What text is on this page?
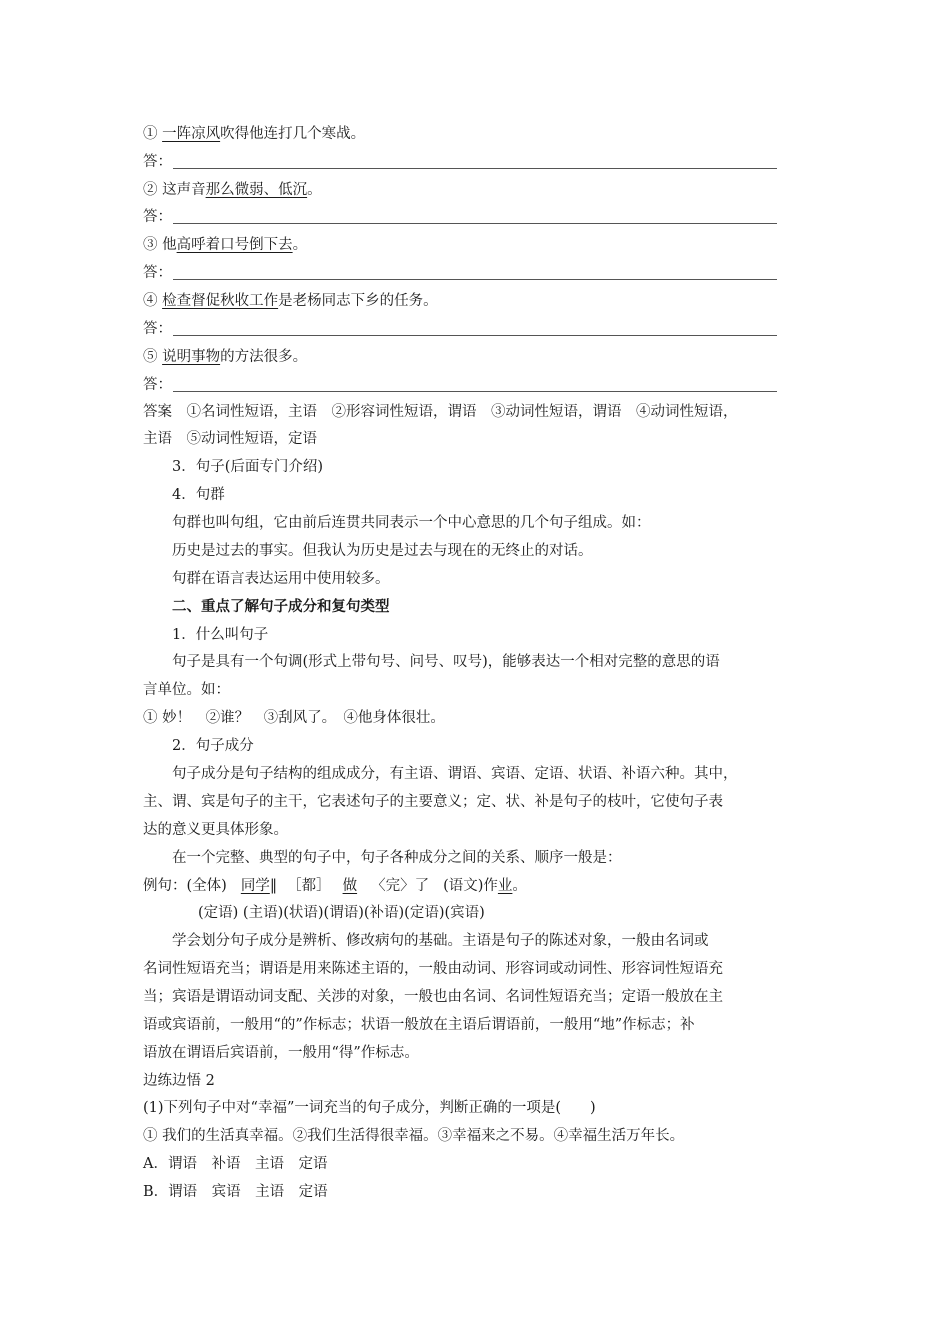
① 一阵凉风吹得他连打几个寒战。
答：
② 这声音那么微弱、低沉。
答：
③ 他高呼着口号倒下去。
答：
④ 检查督促秋收工作是老杨同志下乡的任务。
答：
⑤ 说明事物的方法很多。
答：
答案　①名词性短语，主语　②形容词性短语，谓语　③动词性短语，谓语　④动词性短语，
主语　⑤动词性短语，定语
3．句子(后面专门介绍)
4．句群
句群也叫句组，它由前后连贯共同表示一个中心意思的几个句子组成。如：
历史是过去的事实。但我认为历史是过去与现在的无终止的对话。
句群在语言表达运用中使用较多。
二、重点了解句子成分和复句类型
1．什么叫句子
句子是具有一个句调(形式上带句号、问号、叹号)，能够表达一个相对完整的意思的语
言单位。如：
① 妙！　②谁？　③刮风了。　④他身体很壮。
2．句子成分
句子成分是句子结构的组成成分，有主语、谓语、宾语、定语、状语、补语六种。其中，
主、谓、宾是句子的主干，它表述句子的主要意义；定、状、补是句子的枝叶，它使句子表
达的意义更具体形象。
在一个完整、典型的句子中，句子各种成分之间的关系、顺序一般是：
例句：(全体) 同学‖ ［都］ 做 〈完〉了 (语文)作业。
(定语) (主语)(状语)(谓语)(补语)(定语)(宾语)
学会划分句子成分是辨析、修改病句的基础。主语是句子的陈述对象，一般由名词或
名词性短语充当；谓语是用来陈述主语的，一般由动词、形容词或动词性、形容词性短语充
当；宾语是谓语动词支配、关涉的对象，一般也由名词、名词性短语充当；定语一般放在主
语或宾语前，一般用“的”作标志；状语一般放在主语后谓语前，一般用“地”作标志；补
语放在谓语后宾语前，一般用“得”作标志。
边练边悟 2
(1)下列句子中对“幸福”一词充当的句子成分，判断正确的一项是(　　)
① 我们的生活真幸福。②我们生活得很幸福。③幸福来之不易。④幸福生活万年长。
A．谓语　补语　主语　定语
B．谓语　宾语　主语　定语
